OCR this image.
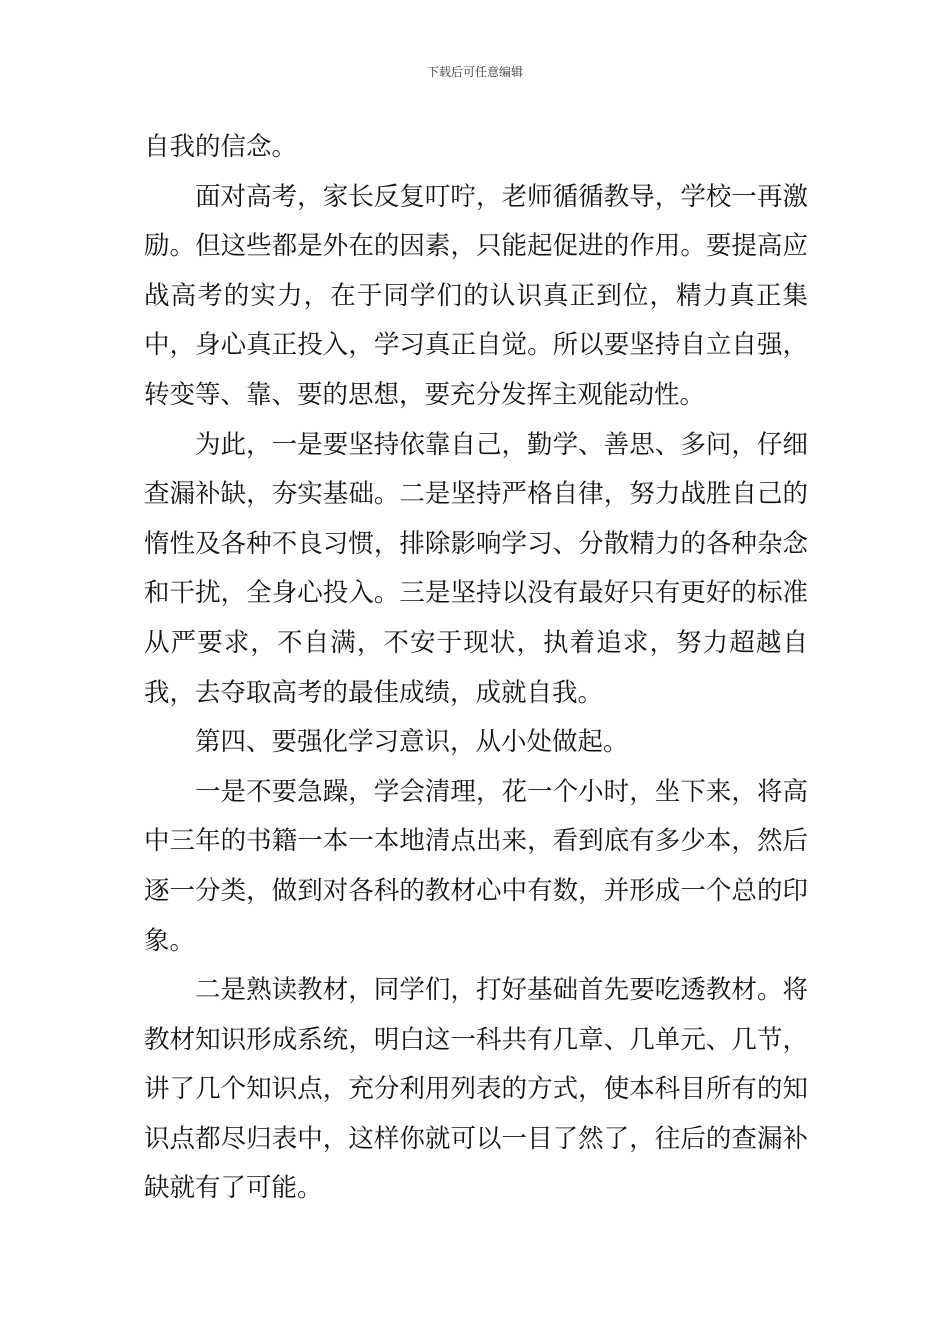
下载后可任意编辑

自我的信念。

面对高考，家长反复叮咛，老师循循教导，学校一再激励。但这些都是外在的因素，只能起促进的作用。要提高应战高考的实力，在于同学们的认识真正到位，精力真正集中，身心真正投入，学习真正自觉。所以要坚持自立自强，转变等、靠、要的思想，要充分发挥主观能动性。

为此，一是要坚持依靠自己，勤学、善思、多问，仔细查漏补缺，夯实基础。二是坚持严格自律，努力战胜自己的惰性及各种不良习惯，排除影响学习、分散精力的各种杂念和干扰，全身心投入。三是坚持以没有最好只有更好的标准从严要求，不自满，不安于现状，执着追求，努力超越自我，去夺取高考的最佳成绩，成就自我。

第四、要强化学习意识，从小处做起。

一是不要急躁，学会清理，花一个小时，坐下来，将高中三年的书籍一本一本地清点出来，看到底有多少本，然后逐一分类，做到对各科的教材心中有数，并形成一个总的印象。

二是熟读教材，同学们，打好基础首先要吃透教材。将教材知识形成系统，明白这一科共有几章、几单元、几节，讲了几个知识点，充分利用列表的方式，使本科目所有的知识点都尽归表中，这样你就可以一目了然了，往后的查漏补缺就有了可能。
